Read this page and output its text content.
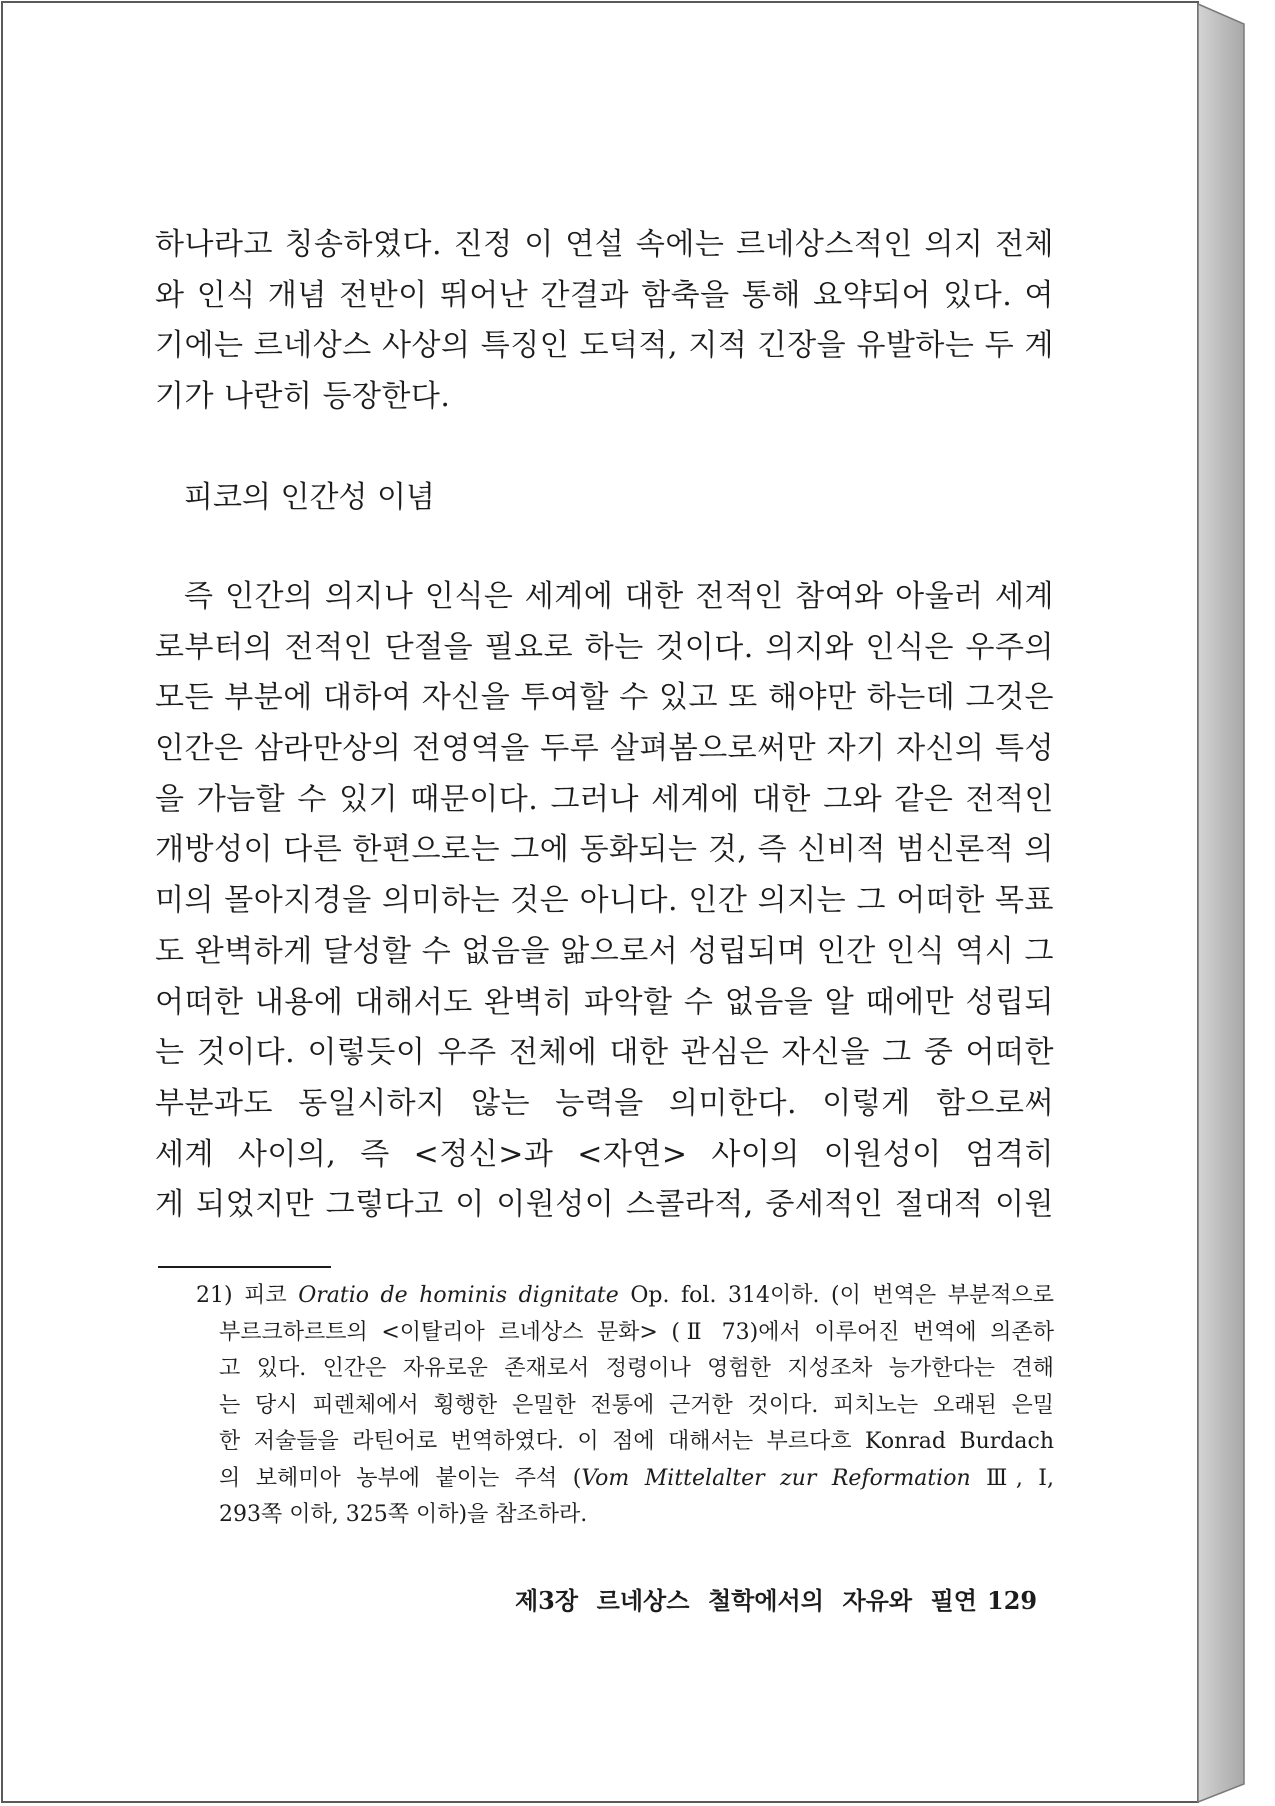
하나라고 칭송하였다. 진정 이 연설 속에는 르네상스적인 의지 전체
와 인식 개념 전반이 뛰어난 간결과 함축을 통해 요약되어 있다. 여
기에는 르네상스 사상의 특징인 도덕적, 지적 긴장을 유발하는 두 계
기가 나란히 등장한다.
피코의 인간성 이념
즉 인간의 의지나 인식은 세계에 대한 전적인 참여와 아울러 세계
로부터의 전적인 단절을 필요로 하는 것이다. 의지와 인식은 우주의
모든 부분에 대하여 자신을 투여할 수 있고 또 해야만 하는데 그것은
인간은 삼라만상의 전영역을 두루 살펴봄으로써만 자기 자신의 특성
을 가늠할 수 있기 때문이다. 그러나 세계에 대한 그와 같은 전적인
개방성이 다른 한편으로는 그에 동화되는 것, 즉 신비적 범신론적 의
미의 몰아지경을 의미하는 것은 아니다. 인간 의지는 그 어떠한 목표
도 완벽하게 달성할 수 없음을 앎으로서 성립되며 인간 인식 역시 그
어떠한 내용에 대해서도 완벽히 파악할 수 없음을 알 때에만 성립되
는 것이다. 이렇듯이 우주 전체에 대한 관심은 자신을 그 중 어떠한
부분과도 동일시하지 않는 능력을 의미한다. 이렇게 함으로써
세계 사이의, 즉 <정신>과 <자연> 사이의 이원성이 엄격히
게 되었지만 그렇다고 이 이원성이 스콜라적, 중세적인 절대적 이원
21) 피코 Oratio de hominis dignitate Op. fol. 314이하. (이 번역은 부분적으로
부르크하르트의 <이탈리아 르네상스 문화> (Ⅱ 73)에서 이루어진 번역에 의존하
고 있다. 인간은 자유로운 존재로서 정령이나 영험한 지성조차 능가한다는 견해
는 당시 피렌체에서 횡행한 은밀한 전통에 근거한 것이다. 피치노는 오래된 은밀
한 저술들을 라틴어로 번역하였다. 이 점에 대해서는 부르다흐 Konrad Burdach
의 보헤미아 농부에 붙이는 주석 (Vom Mittelalter zur Reformation Ⅲ, I,
293쪽 이하, 325쪽 이하)을 참조하라.
제3장 르네상스 철학에서의 자유와 필연 129
